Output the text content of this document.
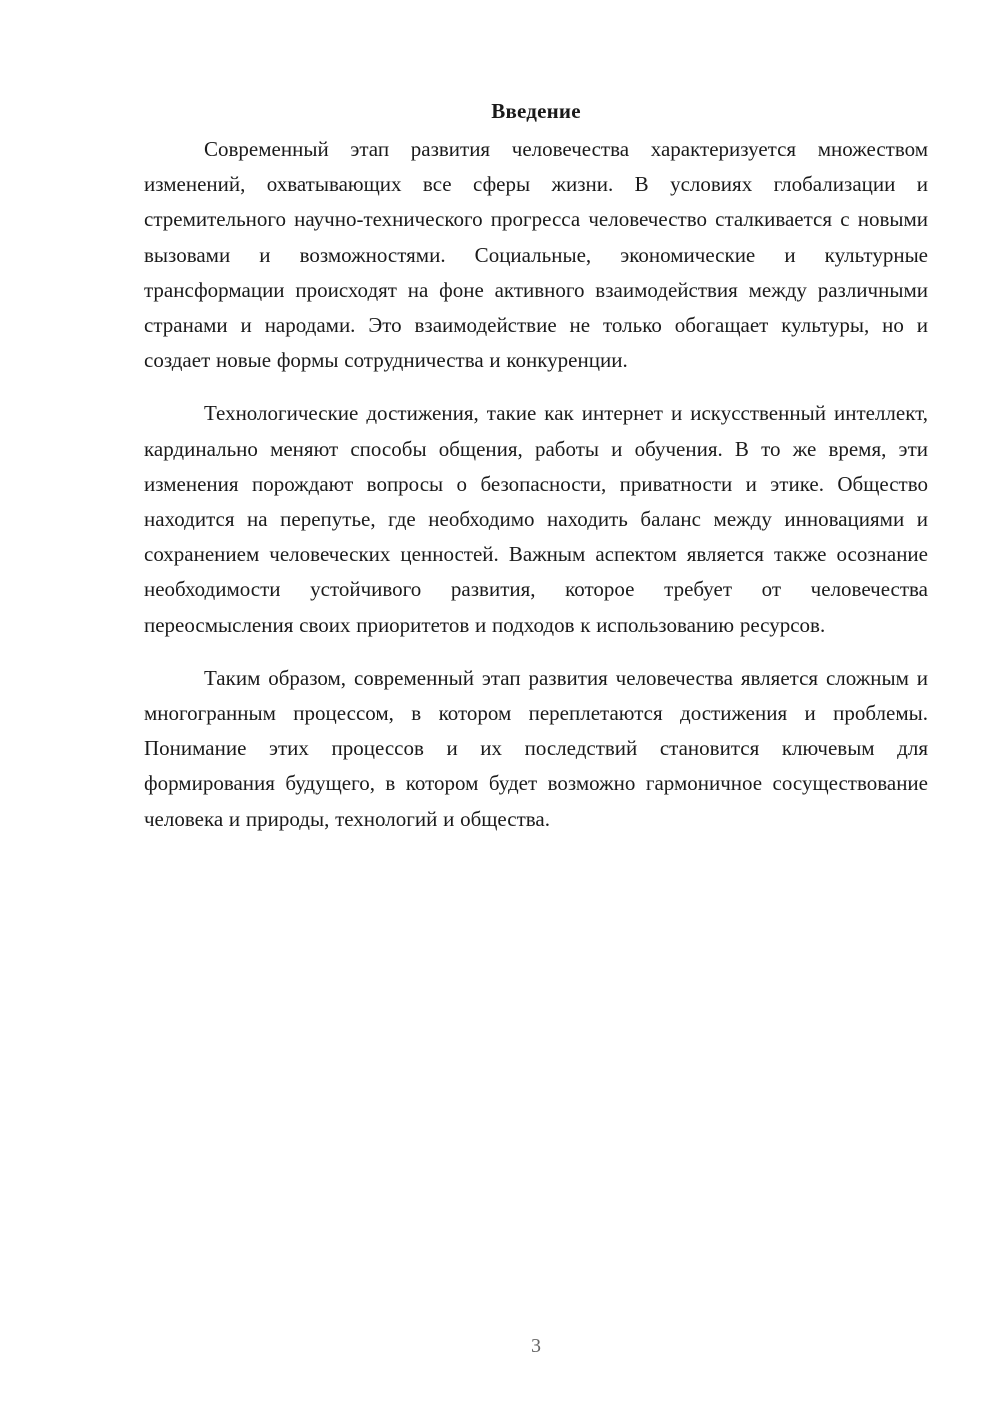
Введение

Современный этап развития человечества характеризуется множеством изменений, охватывающих все сферы жизни. В условиях глобализации и стремительного научно-технического прогресса человечество сталкивается с новыми вызовами и возможностями. Социальные, экономические и культурные трансформации происходят на фоне активного взаимодействия между различными странами и народами. Это взаимодействие не только обогащает культуры, но и создает новые формы сотрудничества и конкуренции.

Технологические достижения, такие как интернет и искусственный интеллект, кардинально меняют способы общения, работы и обучения. В то же время, эти изменения порождают вопросы о безопасности, приватности и этике. Общество находится на перепутье, где необходимо находить баланс между инновациями и сохранением человеческих ценностей. Важным аспектом является также осознание необходимости устойчивого развития, которое требует от человечества переосмысления своих приоритетов и подходов к использованию ресурсов.

Таким образом, современный этап развития человечества является сложным и многогранным процессом, в котором переплетаются достижения и проблемы. Понимание этих процессов и их последствий становится ключевым для формирования будущего, в котором будет возможно гармоничное сосуществование человека и природы, технологий и общества.

3
